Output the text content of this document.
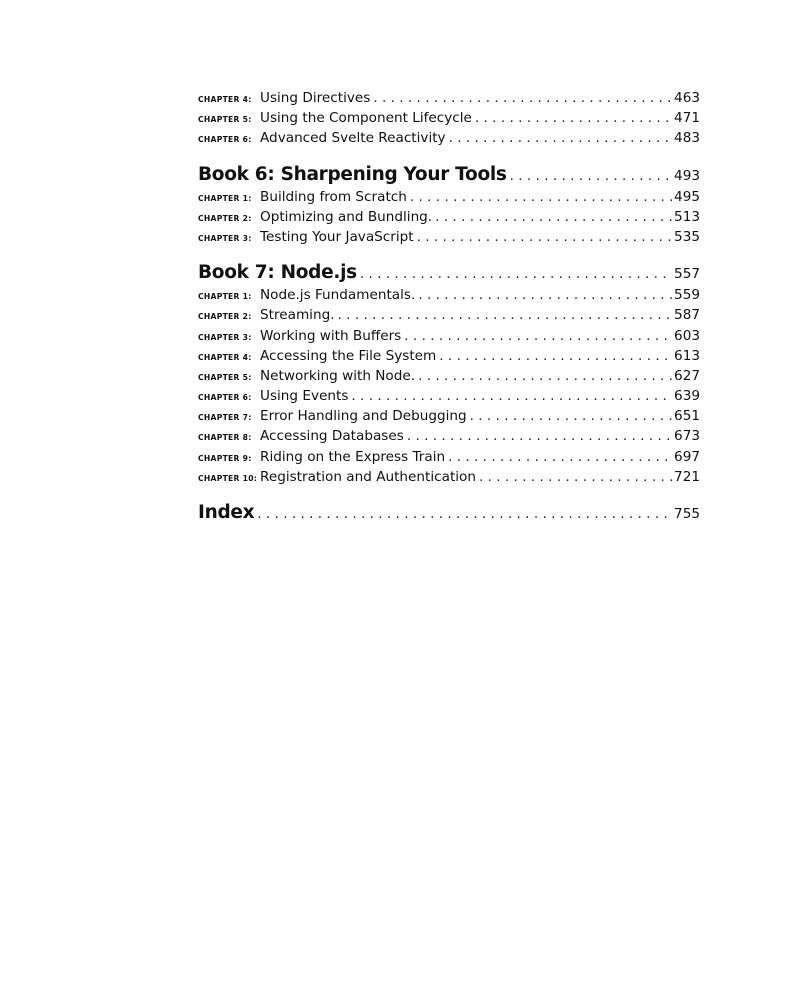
CHAPTER 4: Using Directives . . .	463
CHAPTER 5: Using the Component Lifecycle . . .	471
CHAPTER 6: Advanced Svelte Reactivity . . .	483
Book 6: Sharpening Your Tools . . .	493
CHAPTER 1: Building from Scratch . . .	495
CHAPTER 2: Optimizing and Bundling. . . .	513
CHAPTER 3: Testing Your JavaScript . . .	535
Book 7: Node.js . . .	557
CHAPTER 1: Node.js Fundamentals. . . .	559
CHAPTER 2: Streaming. . . .	587
CHAPTER 3: Working with Buffers . . .	603
CHAPTER 4: Accessing the File System . . .	613
CHAPTER 5: Networking with Node. . . .	627
CHAPTER 6: Using Events . . .	639
CHAPTER 7: Error Handling and Debugging . . .	651
CHAPTER 8: Accessing Databases . . .	673
CHAPTER 9: Riding on the Express Train . . .	697
CHAPTER 10: Registration and Authentication . . .	721
Index . . .	755
